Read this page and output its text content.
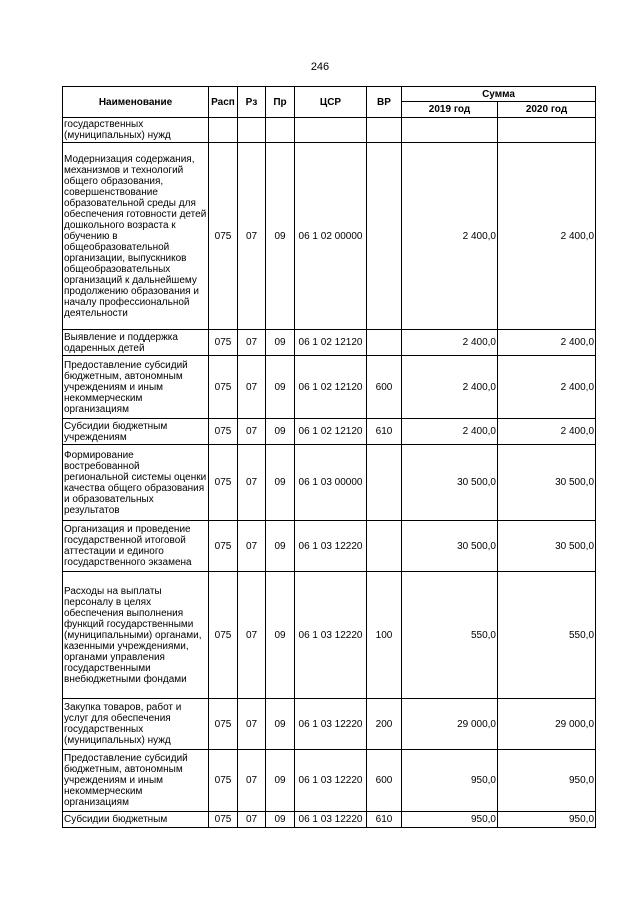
246
Наименование	Расп	Рз	Пр	ЦСР	ВР	Сумма	
						2019 год	2020 год
государственных (муниципальных) нужд							
Модернизация содержания, механизмов и технологий общего образования, совершенствование образовательной среды для обеспечения готовности детей дошкольного возраста к обучению в общеобразовательной организации, выпускников общеобразовательных организаций к дальнейшему продолжению образования и началу профессиональной деятельности	075	07	09	06 1 02 00000		2 400,0	2 400,0
Выявление и поддержка одаренных детей	075	07	09	06 1 02 12120		2 400,0	2 400,0
Предоставление субсидий бюджетным, автономным учреждениям и иным некоммерческим организациям	075	07	09	06 1 02 12120	600	2 400,0	2 400,0
Субсидии бюджетным учреждениям	075	07	09	06 1 02 12120	610	2 400,0	2 400,0
Формирование востребованной региональной системы оценки качества общего образования и образовательных результатов	075	07	09	06 1 03 00000		30 500,0	30 500,0
Организация и проведение государственной итоговой аттестации и единого государственного экзамена	075	07	09	06 1 03 12220		30 500,0	30 500,0
Расходы на выплаты персоналу в целях обеспечения выполнения функций государственными (муниципальными) органами, казенными учреждениями, органами управления государственными внебюджетными фондами	075	07	09	06 1 03 12220	100	550,0	550,0
Закупка товаров, работ и услуг для обеспечения государственных (муниципальных) нужд	075	07	09	06 1 03 12220	200	29 000,0	29 000,0
Предоставление субсидий бюджетным, автономным учреждениям и иным некоммерческим организациям	075	07	09	06 1 03 12220	600	950,0	950,0
Субсидии бюджетным	075	07	09	06 1 03 12220	610	950,0	950,0
